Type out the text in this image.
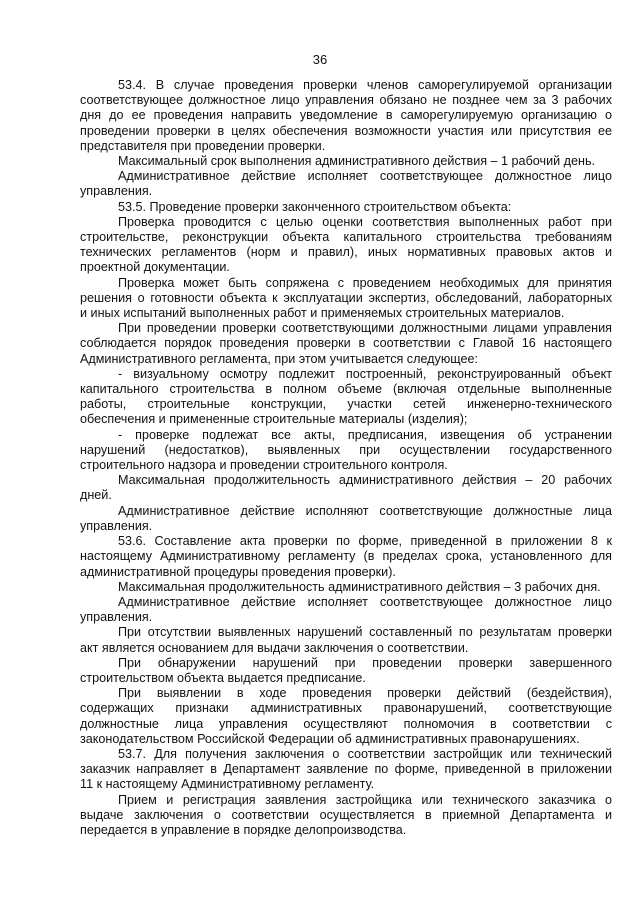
36
53.4. В случае проведения проверки членов саморегулируемой организации
соответствующее должностное лицо управления обязано не позднее чем за 3 рабочих
дня до ее проведения направить уведомление в саморегулируемую организацию о
проведении проверки в целях обеспечения возможности участия или присутствия ее
представителя при проведении проверки.
Максимальный срок выполнения административного действия – 1 рабочий день.
Административное действие исполняет соответствующее должностное лицо
управления.
53.5. Проведение проверки законченного строительством объекта:
Проверка проводится с целью оценки соответствия выполненных работ при
строительстве, реконструкции объекта капитального строительства требованиям
технических регламентов (норм и правил), иных нормативных правовых актов и
проектной документации.
Проверка может быть сопряжена с проведением необходимых для принятия
решения о готовности объекта к эксплуатации экспертиз, обследований, лабораторных
и иных испытаний выполненных работ и применяемых строительных материалов.
При проведении проверки соответствующими должностными лицами управления
соблюдается порядок проведения проверки в соответствии с Главой 16 настоящего
Административного регламента, при этом учитывается следующее:
- визуальному осмотру подлежит построенный, реконструированный объект
капитального строительства в полном объеме (включая отдельные выполненные
работы, строительные конструкции, участки сетей инженерно-технического
обеспечения и примененные строительные материалы (изделия);
- проверке подлежат все акты, предписания, извещения об устранении
нарушений (недостатков), выявленных при осуществлении государственного
строительного надзора и проведении строительного контроля.
Максимальная продолжительность административного действия – 20 рабочих
дней.
Административное действие исполняют соответствующие должностные лица
управления.
53.6. Составление акта проверки по форме, приведенной в приложении 8 к
настоящему Административному регламенту (в пределах срока, установленного для
административной процедуры проведения проверки).
Максимальная продолжительность административного действия – 3 рабочих дня.
Административное действие исполняет соответствующее должностное лицо
управления.
При отсутствии выявленных нарушений составленный по результатам проверки
акт является основанием для выдачи заключения о соответствии.
При обнаружении нарушений при проведении проверки завершенного
строительством объекта выдается предписание.
При выявлении в ходе проведения проверки действий (бездействия),
содержащих признаки административных правонарушений, соответствующие
должностные лица управления осуществляют полномочия в соответствии с
законодательством Российской Федерации об административных правонарушениях.
53.7. Для получения заключения о соответствии застройщик или технический
заказчик направляет в Департамент заявление по форме, приведенной в приложении
11 к настоящему Административному регламенту.
Прием и регистрация заявления застройщика или технического заказчика о
выдаче заключения о соответствии осуществляется в приемной Департамента и
передается в управление в порядке делопроизводства.
